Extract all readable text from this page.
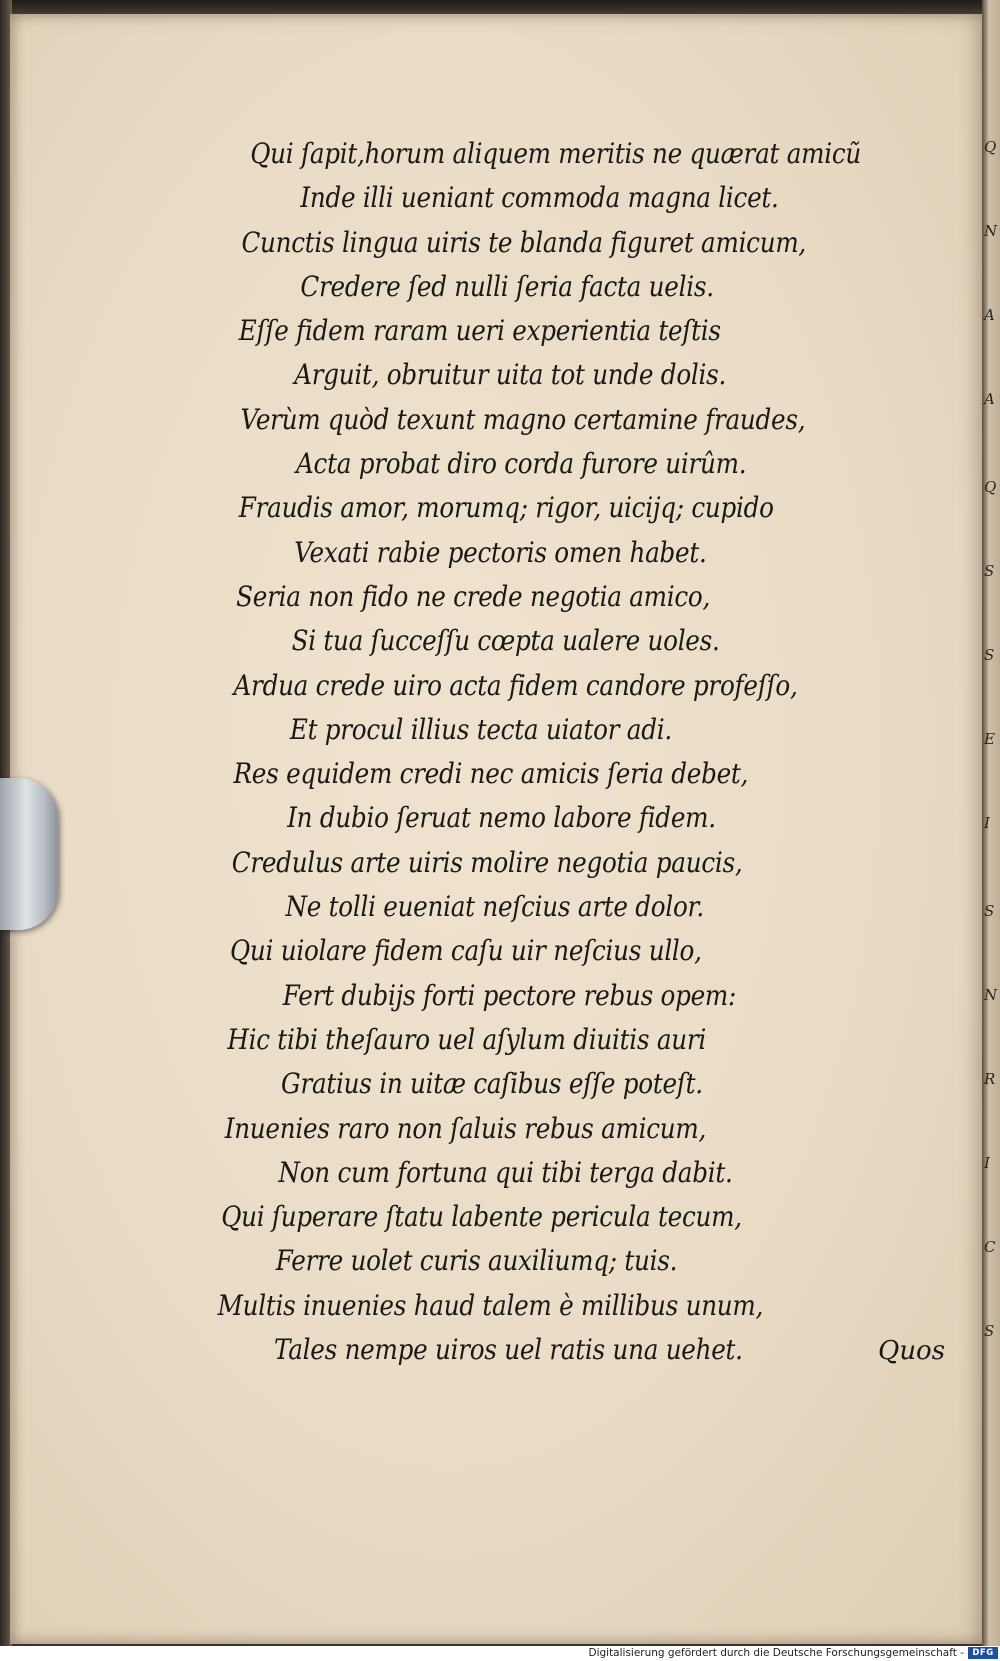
Qui ſapit,horum aliquem meritis ne quærat amicũ
Inde illi ueniant commoda magna licet.
Cunctis lingua uiris te blanda figuret amicum,
Credere ſed nulli ſeria facta uelis.
Eſſe fidem raram ueri experientia teſtis
Arguit, obruitur uita tot unde dolis.
Verùm quòd texunt magno certamine fraudes,
Acta probat diro corda furore uirûm.
Fraudis amor, morumq; rigor, uicijq; cupido
Vexati rabie pectoris omen habet.
Seria non fido ne crede negotia amico,
Si tua ſucceſſu cœpta ualere uoles.
Ardua crede uiro acta fidem candore profeſſo,
Et procul illius tecta uiator adi.
Res equidem credi nec amicis ſeria debet,
In dubio ſeruat nemo labore fidem.
Credulus arte uiris molire negotia paucis,
Ne tolli eueniat neſcius arte dolor.
Qui uiolare fidem caſu uir neſcius ullo,
Fert dubijs forti pectore rebus opem:
Hic tibi theſauro uel aſylum diuitis auri
Gratius in uitæ caſibus eſſe poteſt.
Inuenies raro non ſaluis rebus amicum,
Non cum fortuna qui tibi terga dabit.
Qui ſuperare ſtatu labente pericula tecum,
Ferre uolet curis auxiliumq; tuis.
Multis inuenies haud talem è millibus unum,
Tales nempe uiros uel ratis una uehet.	Quos
Q
N
A
A
Q
S
S
E
I
S
N
R
I
C
S
Digitalisierung gefördert durch die Deutsche Forschungsgemeinschaft - DFG
